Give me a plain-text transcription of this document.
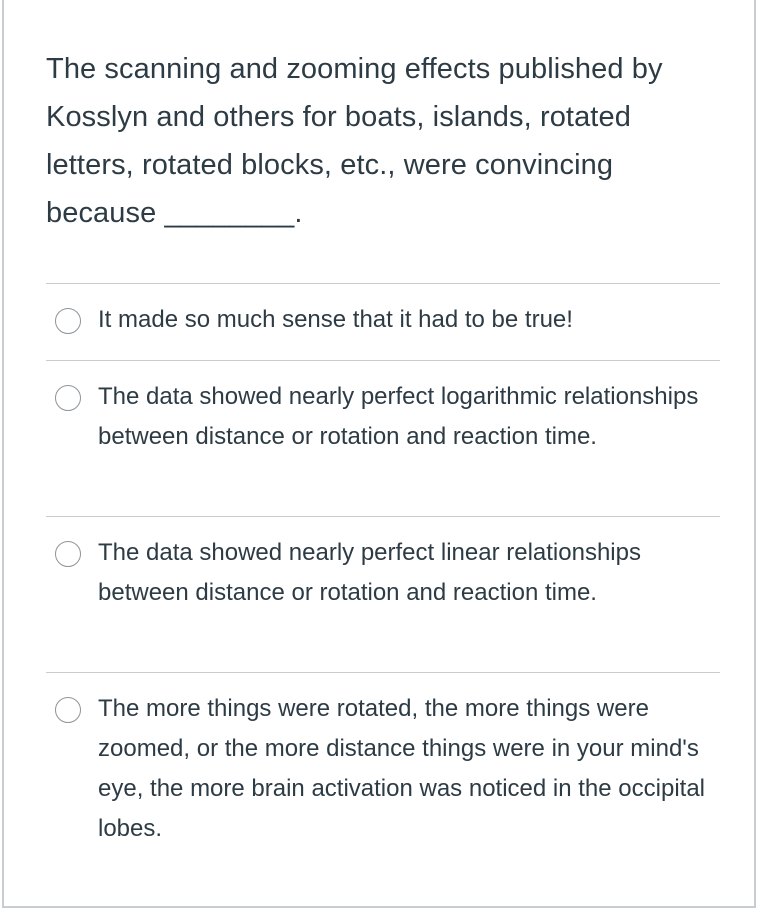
The scanning and zooming effects published by Kosslyn and others for boats, islands, rotated letters, rotated blocks, etc., were convincing because ________.
It made so much sense that it had to be true!
The data showed nearly perfect logarithmic relationships between distance or rotation and reaction time.
The data showed nearly perfect linear relationships between distance or rotation and reaction time.
The more things were rotated, the more things were zoomed, or the more distance things were in your mind's eye, the more brain activation was noticed in the occipital lobes.
